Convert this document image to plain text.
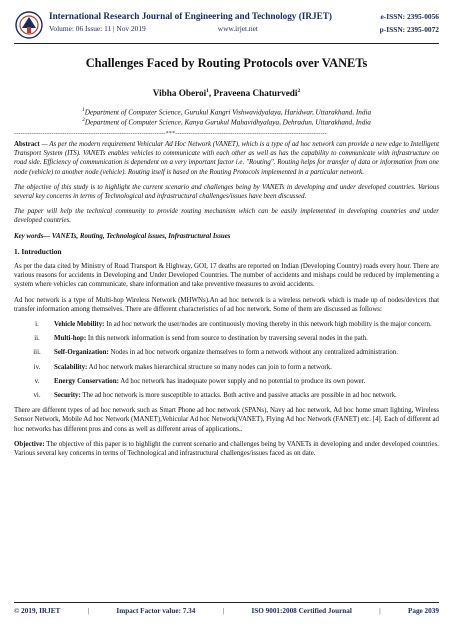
International Research Journal of Engineering and Technology (IRJET)
Volume: 06 Issue: 11 | Nov 2019	www.irjet.net
e-ISSN: 2395-0056
p-ISSN: 2395-0072
Challenges Faced by Routing Protocols over VANETs
Vibha Oberoi$^1$, Praveena Chaturvedi$^2$
$^1$Department of Computer Science, Gurukul Kangri Vishwavidyalaya, Haridwar, Uttarakhand, India
$^2$Department of Computer Science, Kanya Gurukul Mahavidhyalaya, Dehradun, Uttarakhand, India
---------------------------------------------------------------------***---------------------------------------------------------------------

Abstract — As per the modern requirement Vehicular Ad Hoc Network (VANET), which is a type of ad hoc network can provide a new edge to Intelligent Transport System (ITS). VANETs enables vehicles to communicate with each other as well as has the capability to communicate with infrastructure on road side. Efficiency of communication is dependent on a very important factor i.e. "Routing". Routing helps for transfer of data or information from one node (vehicle) to another node (vehicle). Routing itself is based on the Routing Protocols implemented in a particular network.

The objective of this study is to highlight the current scenario and challenges being by VANETs in developing and under developed countries. Various several key concerns in terms of Technological and infrastructural challenges/issues have been discussed.

The paper will help the technical community to provide routing mechanism which can be easily implemented in developing countries and under developed countries.

Key words— VANETs, Routing, Technological issues, Infrastructural Issues

1. Introduction

As per the data cited by Ministry of Road Transport & Highway, GOI, 17 deaths are reported on Indian (Developing Country) roads every hour. There are various reasons for accidents in Developing and Under Developed Countries. The number of accidents and mishaps could be reduced by implementing a system where vehicles can communicate, share information and take preventive measures to avoid accidents.

Ad hoc network is a type of Multi-hop Wireless Network (MHWNs).An ad hoc network is a wireless network which is made up of nodes/devices that transfer information among themselves. There are different characteristics of ad hoc network. Some of them are discussed as follows:

i.	Vehicle Mobility: In ad hoc network the user/nodes are continuously moving thereby in this network high mobility is the major concern.
ii.	Multi-hop: In this network information is send from source to destination by traversing several nodes in the path.
iii.	Self-Organization: Nodes in ad hoc network organize themselves to form a network without any centralized administration.
iv.	Scalability: Ad hoc network makes hierarchical structure so many nodes can join to form a network.
v.	Energy Conservation: Ad hoc network has inadequate power supply and no potential to produce its own power.
vi.	Security: The ad hoc network is more susceptible to attacks. Both active and passive attacks are possible in ad hoc network.

There are different types of ad hoc network such as Smart Phone ad hoc network (SPANs), Navy ad hoc network, Ad hoc home smart lighting, Wireless Sensor Network, Mobile Ad hoc Network (MANET),Vehicular Ad hoc Network(VANET), Flying Ad hoc Network (FANET) etc. [4]. Each of different ad hoc networks has different pros and cons as well as different areas of applications..

Objective: The objective of this paper is to highlight the current scenario and challenges being by VANETs in developing and under developed countries. Various several key concerns in terms of Technological and infrastructural challenges/issues faced as on date.

© 2019, IRJET	|	Impact Factor value: 7.34	|	ISO 9001:2008 Certified Journal	|	Page 2039
